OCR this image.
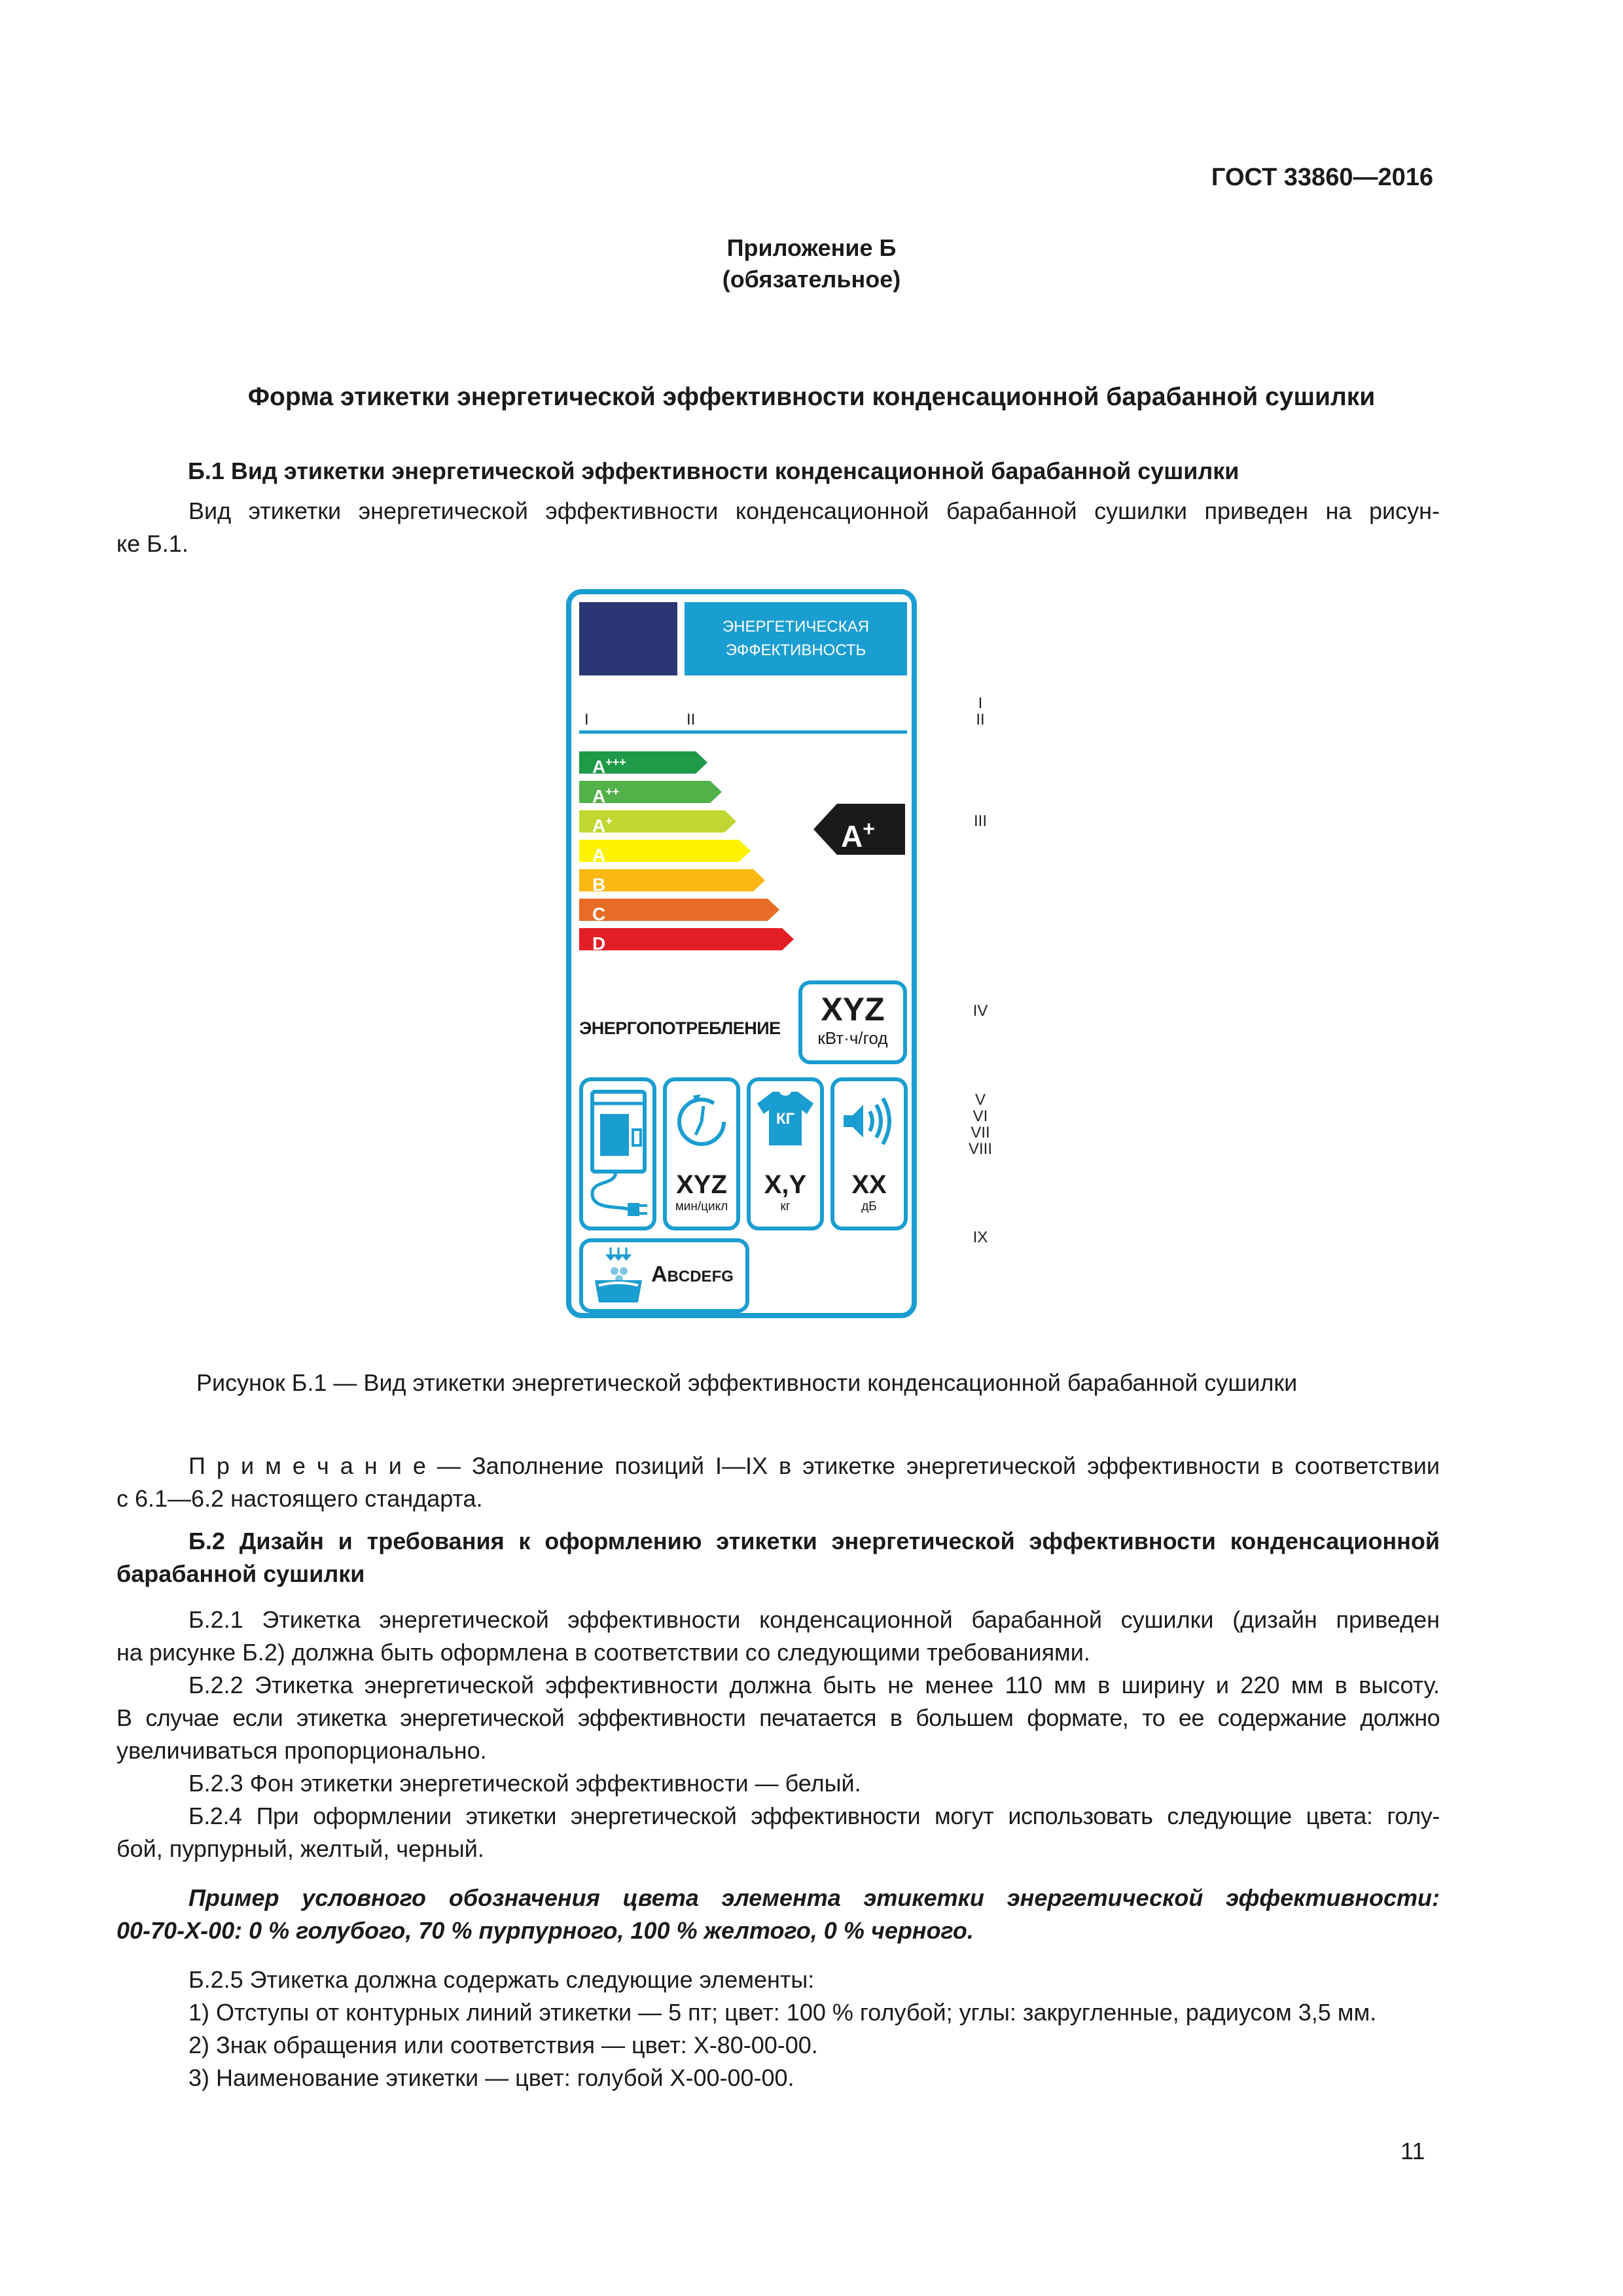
ГОСТ 33860—2016
Приложение Б
(обязательное)
Форма этикетки энергетической эффективности конденсационной барабанной сушилки
Б.1 Вид этикетки энергетической эффективности конденсационной барабанной сушилки
Вид этикетки энергетической эффективности конденсационной барабанной сушилки приведен на рисун-
ке Б.1.
ЭНЕРГЕТИЧЕСКАЯ
ЭФФЕКТИВНОСТЬ
I	II
A+++
A++
A+
A
B
C
D
A+
ЭНЕРГОПОТРЕБЛЕНИЕ
XYZ
кВт·ч/год
XYZ
мин/цикл
КГ
X,Y
кг
XX
дБ
ABCDEFG
I
II
III
IV
V
VI
VII
VIII
IX
Рисунок Б.1 — Вид этикетки энергетической эффективности конденсационной барабанной сушилки
П р и м е ч а н и е — Заполнение позиций I—IX в этикетке энергетической эффективности в соответствии
с 6.1—6.2 настоящего стандарта.
Б.2 Дизайн и требования к оформлению этикетки энергетической эффективности конденсационной
барабанной сушилки
Б.2.1 Этикетка энергетической эффективности конденсационной барабанной сушилки (дизайн приведен
на рисунке Б.2) должна быть оформлена в соответствии со следующими требованиями.
Б.2.2 Этикетка энергетической эффективности должна быть не менее 110 мм в ширину и 220 мм в высоту.
В случае если этикетка энергетической эффективности печатается в большем формате, то ее содержание должно
увеличиваться пропорционально.
Б.2.3 Фон этикетки энергетической эффективности — белый.
Б.2.4 При оформлении этикетки энергетической эффективности могут использовать следующие цвета: голу-
бой, пурпурный, желтый, черный.
Пример условного обозначения цвета элемента этикетки энергетической эффективности:
00-70-X-00: 0 % голубого, 70 % пурпурного, 100 % желтого, 0 % черного.
Б.2.5 Этикетка должна содержать следующие элементы:
1) Отступы от контурных линий этикетки — 5 пт; цвет: 100 % голубой; углы: закругленные, радиусом 3,5 мм.
2) Знак обращения или соответствия — цвет: X-80-00-00.
3) Наименование этикетки — цвет: голубой X-00-00-00.
11
